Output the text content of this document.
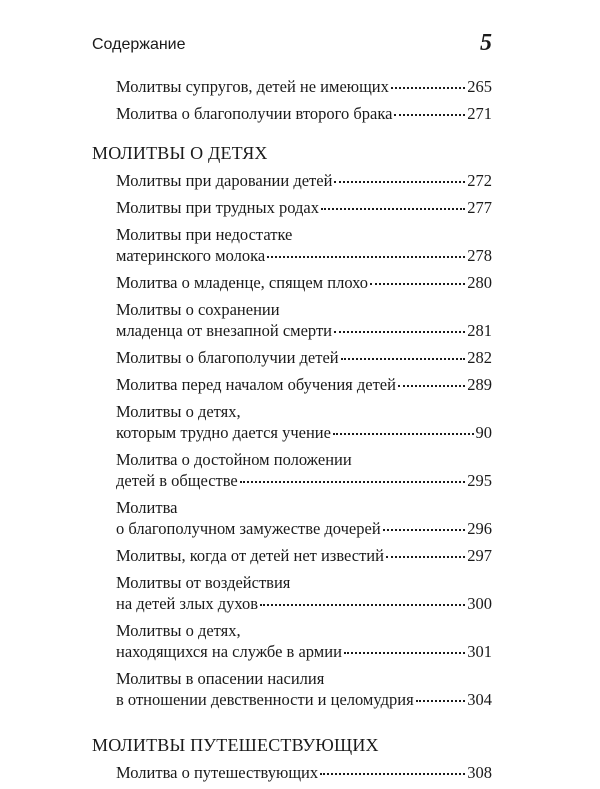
Содержание	5
Молитвы супругов, детей не имеющих	265
Молитва о благополучии второго брака	271
МОЛИТВЫ О ДЕТЯХ
Молитвы при даровании детей	272
Молитвы при трудных родах	277
Молитвы при недостатке
материнского молока	278
Молитва о младенце, спящем плохо	280
Молитвы о сохранении
младенца от внезапной смерти	281
Молитвы о благополучии детей	282
Молитва перед началом обучения детей	289
Молитвы о детях,
которым трудно дается учение	90
Молитва о достойном положении
детей в обществе	295
Молитва
о благополучном замужестве дочерей	296
Молитвы, когда от детей нет известий	297
Молитвы от воздействия
на детей злых духов	300
Молитвы о детях,
находящихся на службе в армии	301
Молитвы в опасении насилия
в отношении девственности и целомудрия	304
МОЛИТВЫ ПУТЕШЕСТВУЮЩИХ
Молитва о путешествующих	308
